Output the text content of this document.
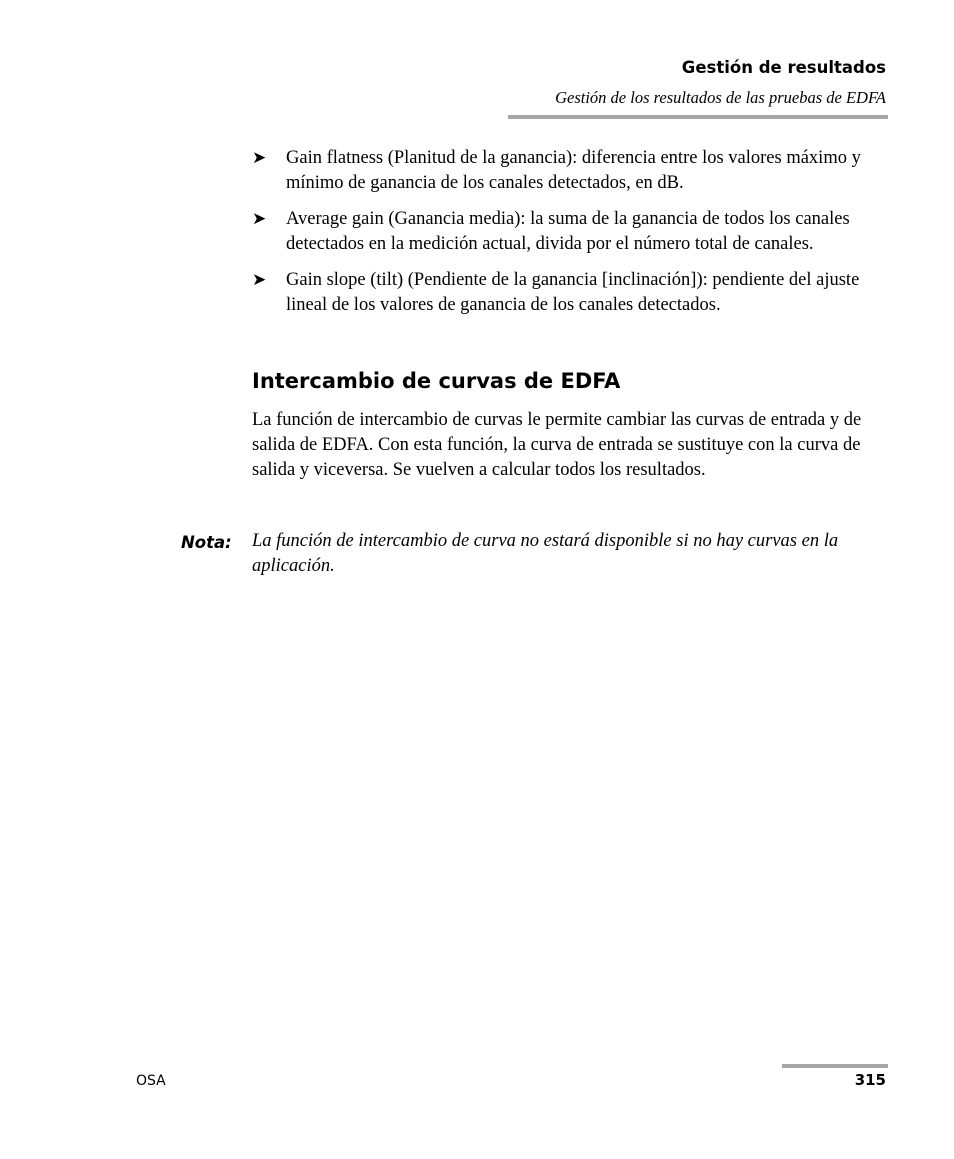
Gestión de resultados
Gestión de los resultados de las pruebas de EDFA
➤ Gain flatness (Planitud de la ganancia): diferencia entre los valores máximo y mínimo de ganancia de los canales detectados, en dB.
➤ Average gain (Ganancia media): la suma de la ganancia de todos los canales detectados en la medición actual, divida por el número total de canales.
➤ Gain slope (tilt) (Pendiente de la ganancia [inclinación]): pendiente del ajuste lineal de los valores de ganancia de los canales detectados.
Intercambio de curvas de EDFA

La función de intercambio de curvas le permite cambiar las curvas de entrada y de salida de EDFA. Con esta función, la curva de entrada se sustituye con la curva de salida y viceversa. Se vuelven a calcular todos los resultados.

Nota: La función de intercambio de curva no estará disponible si no hay curvas en la aplicación.

OSA	315
